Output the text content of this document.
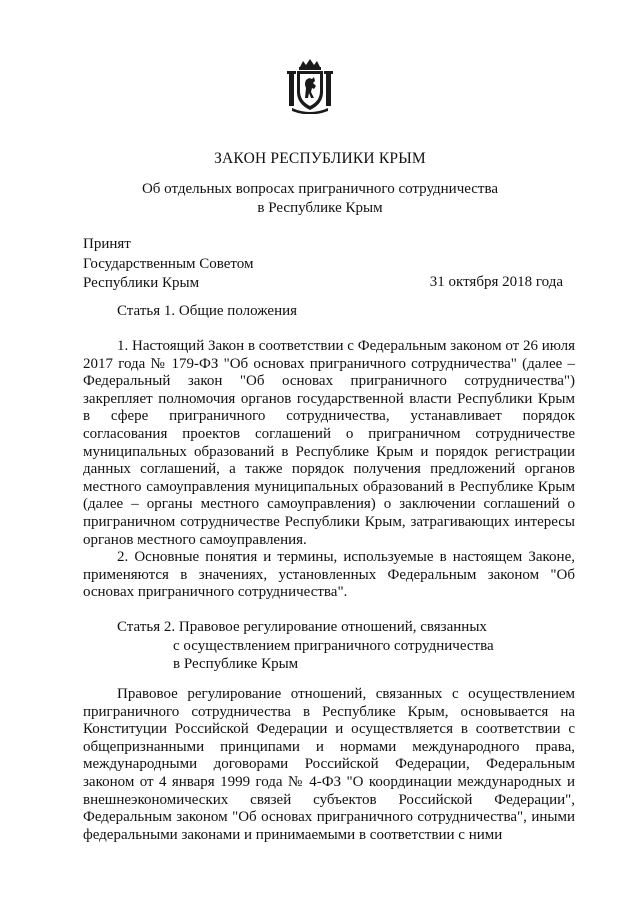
ЗАКОН РЕСПУБЛИКИ КРЫМ
Об отдельных вопросах приграничного сотрудничества
в Республике Крым
Принят
Государственным Советом
Республики Крым	31 октября 2018 года
Статья 1. Общие положения

1. Настоящий Закон в соответствии с Федеральным законом от 26 июля 2017 года № 179-ФЗ "Об основах приграничного сотрудничества" (далее – Федеральный закон "Об основах приграничного сотрудничества") закрепляет полномочия органов государственной власти Республики Крым в сфере приграничного сотрудничества, устанавливает порядок согласования проектов соглашений о приграничном сотрудничестве муниципальных образований в Республике Крым и порядок регистрации данных соглашений, а также порядок получения предложений органов местного самоуправления муниципальных образований в Республике Крым (далее – органы местного самоуправления) о заключении соглашений о приграничном сотрудничестве Республики Крым, затрагивающих интересы органов местного самоуправления.

2. Основные понятия и термины, используемые в настоящем Законе, применяются в значениях, установленных Федеральным законом "Об основах приграничного сотрудничества".

Статья 2. Правовое регулирование отношений, связанных
с осуществлением приграничного сотрудничества
в Республике Крым

Правовое регулирование отношений, связанных с осуществлением приграничного сотрудничества в Республике Крым, основывается на Конституции Российской Федерации и осуществляется в соответствии с общепризнанными принципами и нормами международного права, международными договорами Российской Федерации, Федеральным законом от 4 января 1999 года № 4-ФЗ "О координации международных и внешнеэкономических связей субъектов Российской Федерации", Федеральным законом "Об основах приграничного сотрудничества", иными федеральными законами и принимаемыми в соответствии с ними
